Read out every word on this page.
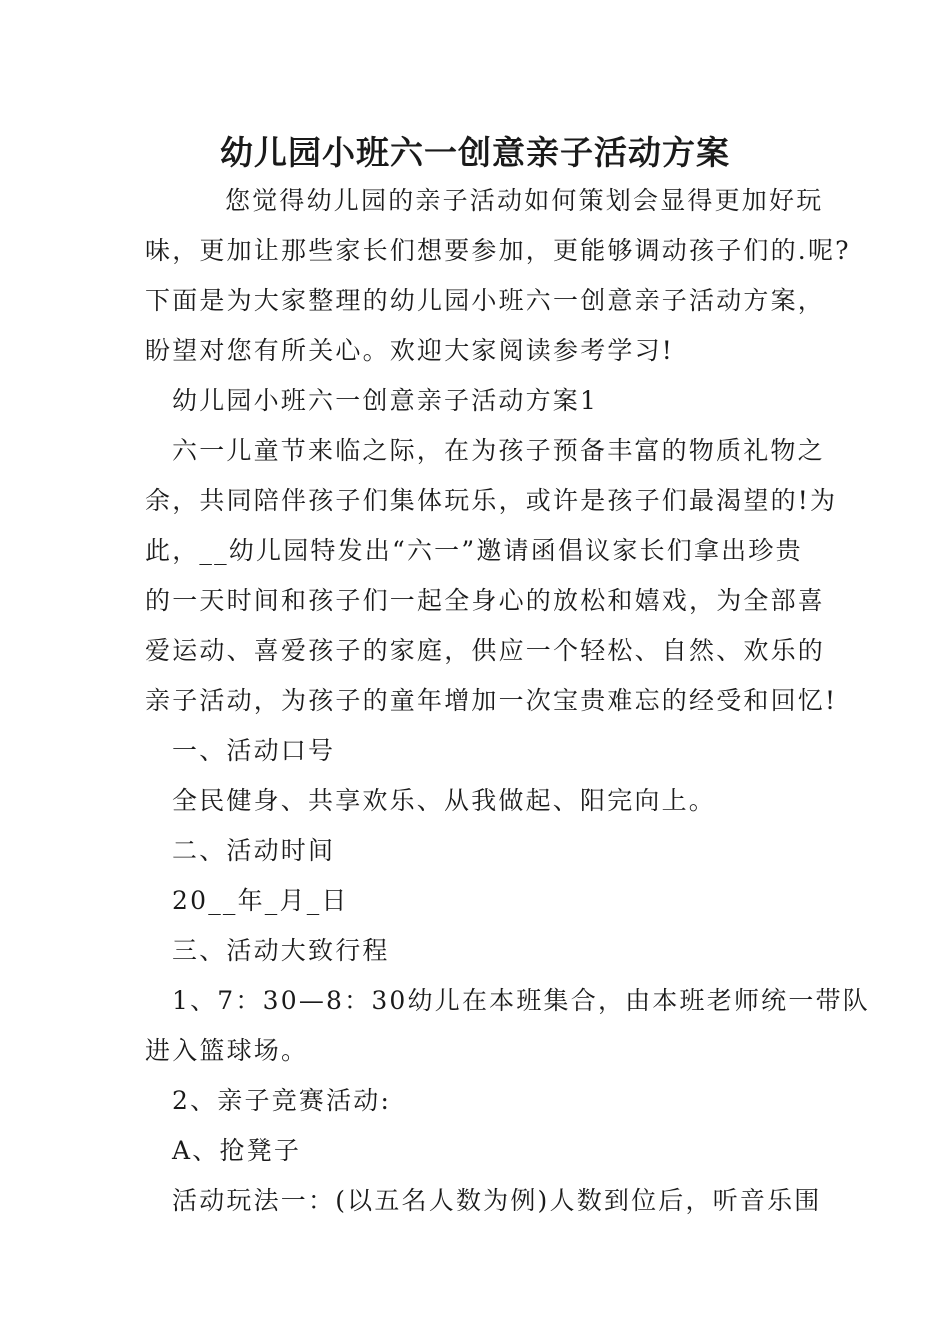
幼儿园小班六一创意亲子活动方案

您觉得幼儿园的亲子活动如何策划会显得更加好玩

味，更加让那些家长们想要参加，更能够调动孩子们的.呢?

下面是为大家整理的幼儿园小班六一创意亲子活动方案，

盼望对您有所关心。欢迎大家阅读参考学习!

幼儿园小班六一创意亲子活动方案1

六一儿童节来临之际，在为孩子预备丰富的物质礼物之

余，共同陪伴孩子们集体玩乐，或许是孩子们最渴望的!为

此，__幼儿园特发出“六一”邀请函倡议家长们拿出珍贵

的一天时间和孩子们一起全身心的放松和嬉戏，为全部喜

爱运动、喜爱孩子的家庭，供应一个轻松、自然、欢乐的

亲子活动，为孩子的童年增加一次宝贵难忘的经受和回忆!

一、活动口号

全民健身、共享欢乐、从我做起、阳完向上。

二、活动时间

20__年_月_日

三、活动大致行程

1、7：30—8：30幼儿在本班集合，由本班老师统一带队

进入篮球场。

2、亲子竞赛活动:

A、抢凳子

活动玩法一：(以五名人数为例)人数到位后，听音乐围
